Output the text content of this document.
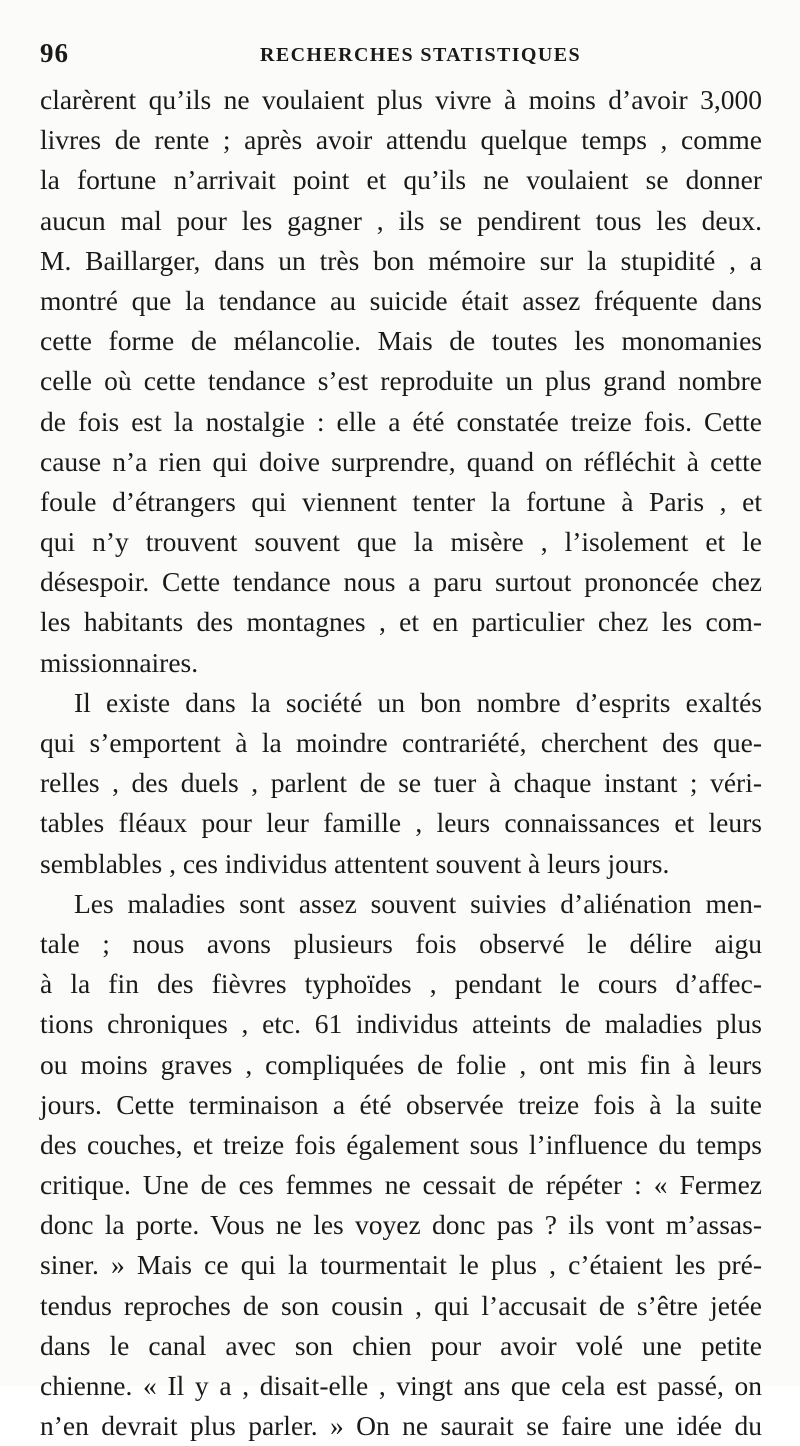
96	RECHERCHES STATISTIQUES
clarèrent qu’ils ne voulaient plus vivre à moins d’avoir 3,000
livres de rente ; après avoir attendu quelque temps , comme
la fortune n’arrivait point et qu’ils ne voulaient se donner
aucun mal pour les gagner , ils se pendirent tous les deux.
M. Baillarger, dans un très bon mémoire sur la stupidité , a
montré que la tendance au suicide était assez fréquente dans
cette forme de mélancolie. Mais de toutes les monomanies
celle où cette tendance s’est reproduite un plus grand nombre
de fois est la nostalgie : elle a été constatée treize fois. Cette
cause n’a rien qui doive surprendre, quand on réfléchit à cette
foule d’étrangers qui viennent tenter la fortune à Paris , et
qui n’y trouvent souvent que la misère , l’isolement et le
désespoir. Cette tendance nous a paru surtout prononcée chez
les habitants des montagnes , et en particulier chez les com-
missionnaires.
Il existe dans la société un bon nombre d’esprits exaltés
qui s’emportent à la moindre contrariété, cherchent des que-
relles , des duels , parlent de se tuer à chaque instant ; véri-
tables fléaux pour leur famille , leurs connaissances et leurs
semblables , ces individus attentent souvent à leurs jours.
Les maladies sont assez souvent suivies d’aliénation men-
tale ; nous avons plusieurs fois observé le délire aigu
à la fin des fièvres typhoïdes , pendant le cours d’affec-
tions chroniques , etc. 61 individus atteints de maladies plus
ou moins graves , compliquées de folie , ont mis fin à leurs
jours. Cette terminaison a été observée treize fois à la suite
des couches, et treize fois également sous l’influence du temps
critique. Une de ces femmes ne cessait de répéter : « Fermez
donc la porte. Vous ne les voyez donc pas ? ils vont m’assas-
siner. » Mais ce qui la tourmentait le plus , c’étaient les pré-
tendus reproches de son cousin , qui l’accusait de s’être jetée
dans le canal avec son chien pour avoir volé une petite
chienne. « Il y a , disait-elle , vingt ans que cela est passé, on
n’en devrait plus parler. » On ne saurait se faire une idée du
